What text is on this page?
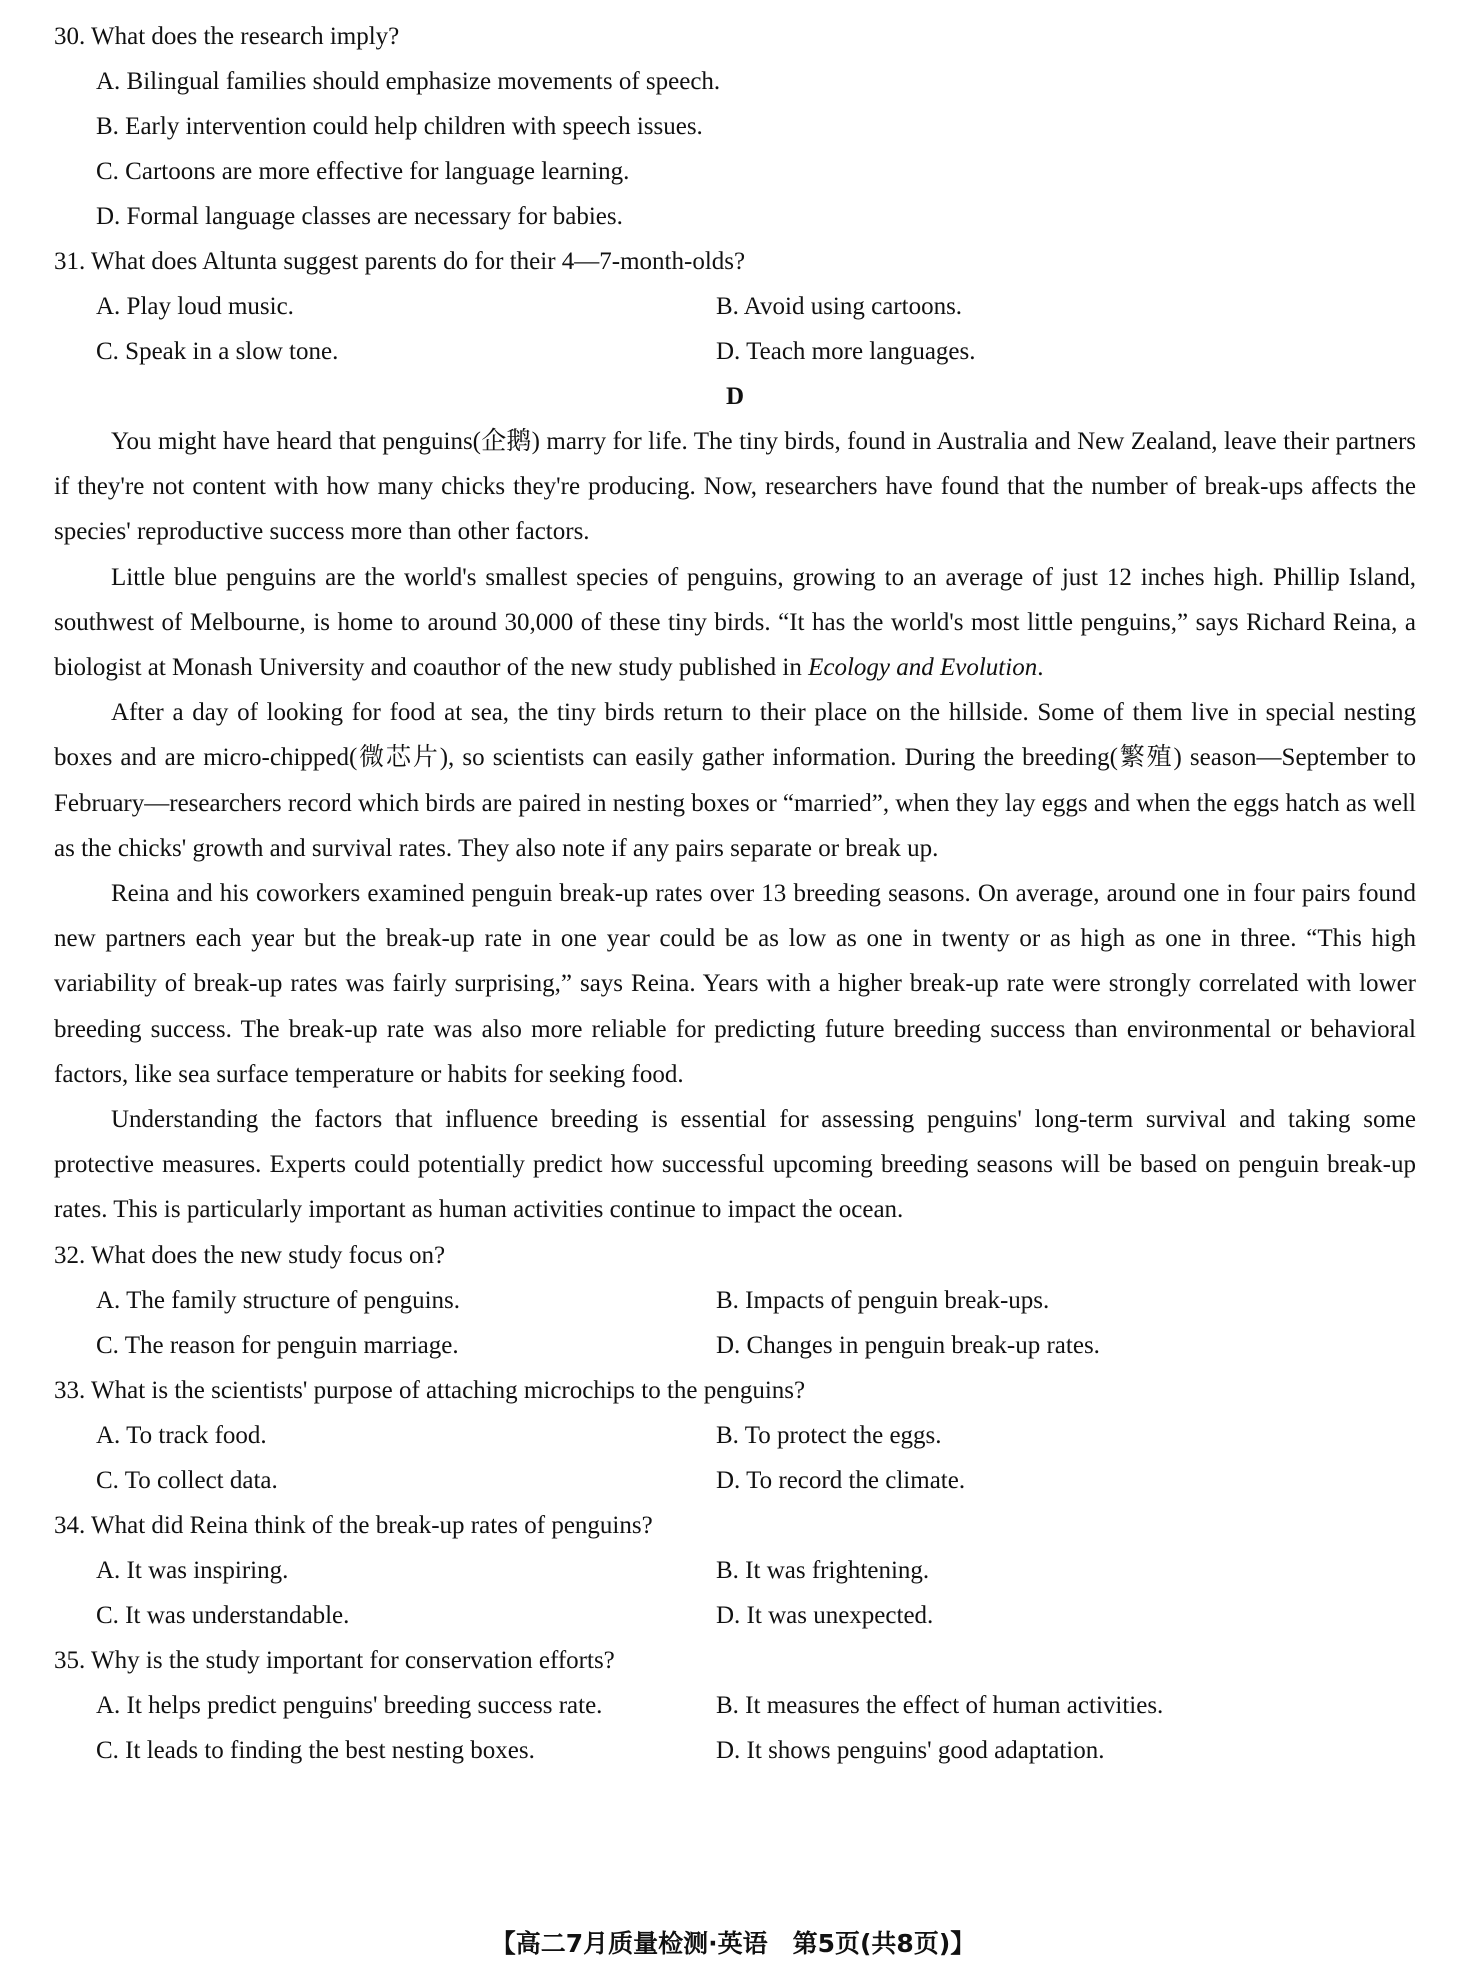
30. What does the research imply?
A. Bilingual families should emphasize movements of speech.
B. Early intervention could help children with speech issues.
C. Cartoons are more effective for language learning.
D. Formal language classes are necessary for babies.
31. What does Altunta suggest parents do for their 4—7-month-olds?
A. Play loud music.	B. Avoid using cartoons.
C. Speak in a slow tone.	D. Teach more languages.
D

You might have heard that penguins(企鹅) marry for life. The tiny birds, found in Australia and New Zealand, leave their partners if they're not content with how many chicks they're producing. Now, researchers have found that the number of break-ups affects the species' reproductive success more than other factors.

Little blue penguins are the world's smallest species of penguins, growing to an average of just 12 inches high. Phillip Island, southwest of Melbourne, is home to around 30,000 of these tiny birds. “It has the world's most little penguins,” says Richard Reina, a biologist at Monash University and coauthor of the new study published in Ecology and Evolution.

After a day of looking for food at sea, the tiny birds return to their place on the hillside. Some of them live in special nesting boxes and are micro-chipped(微芯片), so scientists can easily gather information. During the breeding(繁殖) season—September to February—researchers record which birds are paired in nesting boxes or “married”, when they lay eggs and when the eggs hatch as well as the chicks' growth and survival rates. They also note if any pairs separate or break up.

Reina and his coworkers examined penguin break-up rates over 13 breeding seasons. On average, around one in four pairs found new partners each year but the break-up rate in one year could be as low as one in twenty or as high as one in three. “This high variability of break-up rates was fairly surprising,” says Reina. Years with a higher break-up rate were strongly correlated with lower breeding success. The break-up rate was also more reliable for predicting future breeding success than environmental or behavioral factors, like sea surface temperature or habits for seeking food.

Understanding the factors that influence breeding is essential for assessing penguins' long-term survival and taking some protective measures. Experts could potentially predict how successful upcoming breeding seasons will be based on penguin break-up rates. This is particularly important as human activities continue to impact the ocean.

32. What does the new study focus on?
A. The family structure of penguins.	B. Impacts of penguin break-ups.
C. The reason for penguin marriage.	D. Changes in penguin break-up rates.
33. What is the scientists' purpose of attaching microchips to the penguins?
A. To track food.	B. To protect the eggs.
C. To collect data.	D. To record the climate.
34. What did Reina think of the break-up rates of penguins?
A. It was inspiring.	B. It was frightening.
C. It was understandable.	D. It was unexpected.
35. Why is the study important for conservation efforts?
A. It helps predict penguins' breeding success rate.	B. It measures the effect of human activities.
C. It leads to finding the best nesting boxes.	D. It shows penguins' good adaptation.
【高二7月质量检测·英语　第5页(共8页)】
